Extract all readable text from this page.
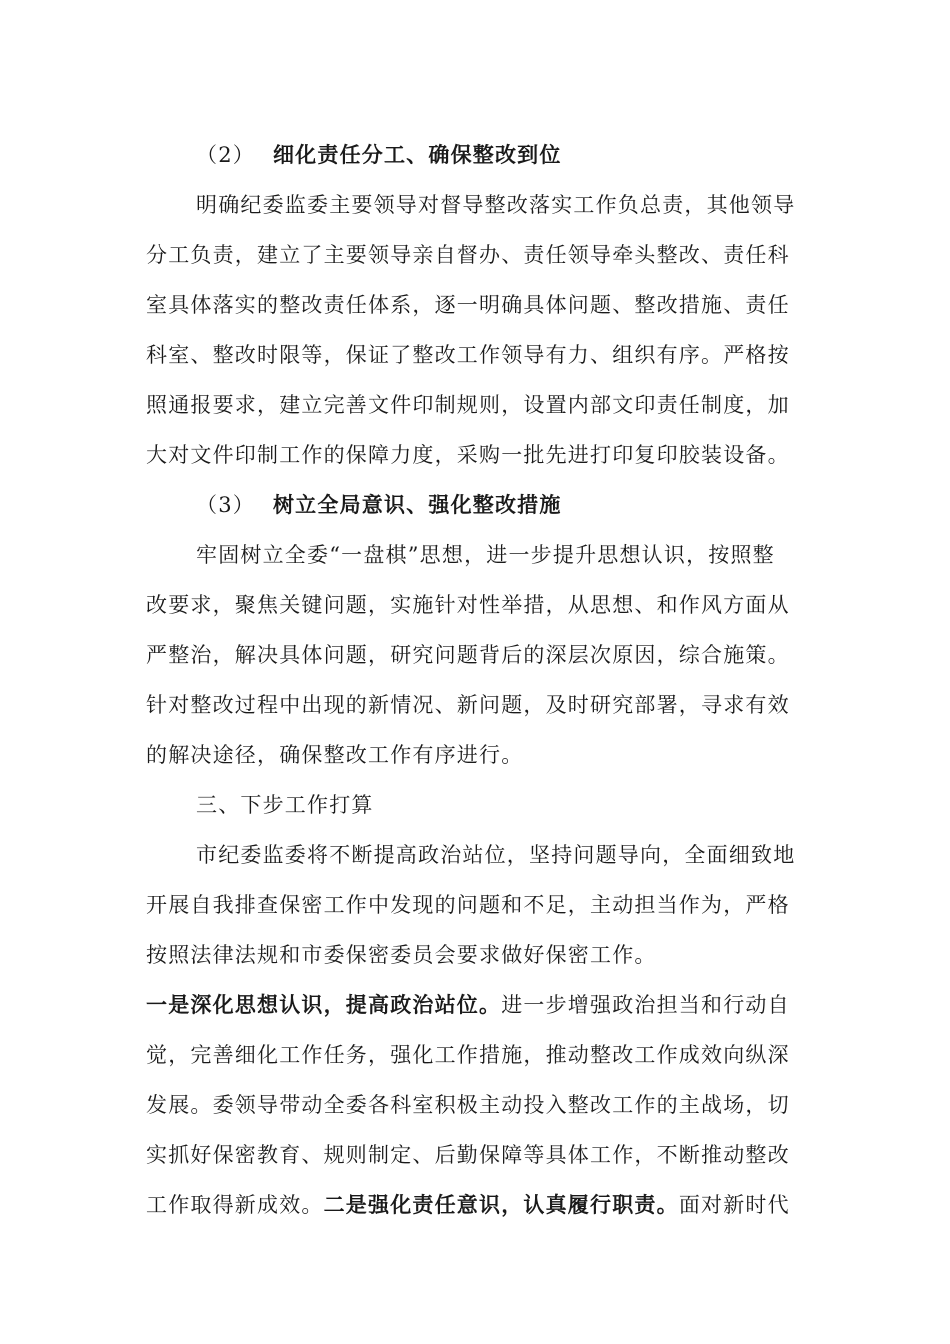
（2） 细化责任分工、确保整改到位
明确纪委监委主要领导对督导整改落实工作负总责，其他领导
分工负责，建立了主要领导亲自督办、责任领导牵头整改、责任科
室具体落实的整改责任体系，逐一明确具体问题、整改措施、责任
科室、整改时限等，保证了整改工作领导有力、组织有序。严格按
照通报要求，建立完善文件印制规则，设置内部文印责任制度，加
大对文件印制工作的保障力度，采购一批先进打印复印胶装设备。
（3） 树立全局意识、强化整改措施
牢固树立全委“一盘棋”思想，进一步提升思想认识，按照整
改要求，聚焦关键问题，实施针对性举措，从思想、和作风方面从
严整治，解决具体问题，研究问题背后的深层次原因，综合施策。
针对整改过程中出现的新情况、新问题，及时研究部署，寻求有效
的解决途径，确保整改工作有序进行。
三、下步工作打算
市纪委监委将不断提高政治站位，坚持问题导向，全面细致地
开展自我排查保密工作中发现的问题和不足，主动担当作为，严格
按照法律法规和市委保密委员会要求做好保密工作。
一是深化思想认识，提高政治站位。进一步增强政治担当和行动自
觉，完善细化工作任务，强化工作措施，推动整改工作成效向纵深
发展。委领导带动全委各科室积极主动投入整改工作的主战场，切
实抓好保密教育、规则制定、后勤保障等具体工作，不断推动整改
工作取得新成效。二是强化责任意识，认真履行职责。面对新时代
